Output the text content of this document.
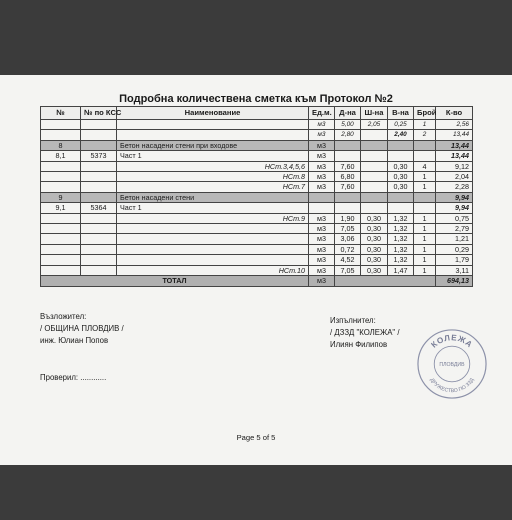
Подробна количествена сметка към Протокол №2
№	№ по КСС	Наименование	Ед.м.	Д-на	Ш-на	В-на	Брой	К-во
			м3	5,00	2,05	0,25	1	2,56
			м3	2,80		2,40	2	13,44
8		Бетон насадени стени при входове	м3					13,44
8,1	5373	Част 1	м3					13,44
		НСт.3,4,5,6	м3	7,60		0,30	4	9,12
		НСт.8	м3	6,80		0,30	1	2,04
		НСт.7	м3	7,60		0,30	1	2,28
9		Бетон насадени стени						9,94
9,1	5364	Част 1						9,94
		НСт.9	м3	1,90	0,30	1,32	1	0,75
			м3	7,05	0,30	1,32	1	2,79
			м3	3,06	0,30	1,32	1	1,21
			м3	0,72	0,30	1,32	1	0,29
			м3	4,52	0,30	1,32	1	1,79
		НСт.10	м3	7,05	0,30	1,47	1	3,11
ТОТАЛ			м3					694,13
Възложител:
/ ОБЩИНА ПЛОВДИВ /
инж. Юлиан Попов
Изпълнител:
/ ДЗЗД "КОЛЕЖА" /
Илиян Филипов
Проверил: ............
КОЛЕЖА
ПЛОВДИВ
ДРУЖЕСТВО ПО ЗЗД
Page 5 of 5
